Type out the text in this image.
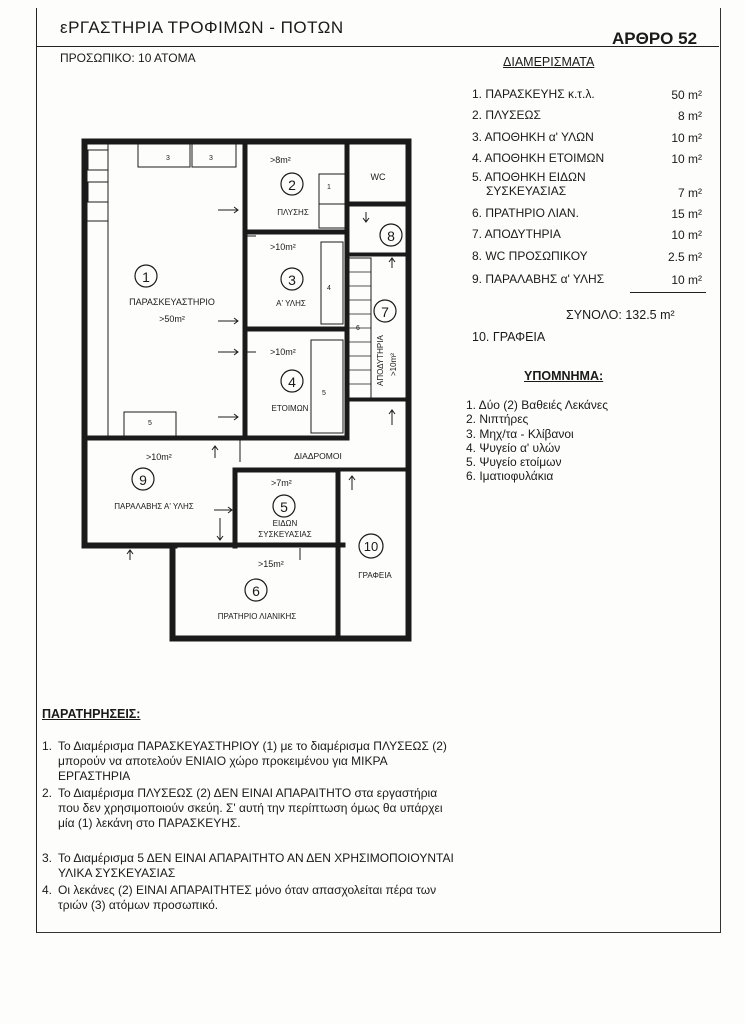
εΡΓΑΣΤΗΡΙΑ ΤΡΟΦΙΜΩΝ - ΠΟΤΩΝ
ΑΡΘΡΟ 52
ΠΡΟΣΩΠΙΚΟ: 10 ΑΤΟΜΑ	ΔΙΑΜΕΡΙΣΜΑΤΑ
1. ΠΑΡΑΣΚΕΥΗΣ κ.τ.λ.	50 m²
2. ΠΛΥΣΕΩΣ	8 m²
3. ΑΠΟΘΗΚΗ α' ΥΛΩΝ	10 m²
4. ΑΠΟΘΗΚΗ ΕΤΟΙΜΩΝ	10 m²
5. ΑΠΟΘΗΚΗ ΕΙΔΩΝ
ΣΥΣΚΕΥΑΣΙΑΣ	7 m²
6. ΠΡΑΤΗΡΙΟ ΛΙΑΝ.	15 m²
7. ΑΠΟΔΥΤΗΡΙΑ	10 m²
8. WC ΠΡΟΣΩΠΙΚΟΥ	2.5 m²
9. ΠΑΡΑΛΑΒΗΣ α' ΥΛΗΣ	10 m²
ΣΥΝΟΛΟ: 132.5 m²
10. ΓΡΑΦΕΙΑ
ΥΠΟΜΝΗΜΑ:
1. Δύο (2) Βαθειές Λεκάνες
2. Νιπτήρες
3. Μηχ/τα - Κλίβανοι
4. Ψυγείο α' υλών
5. Ψυγείο ετοίμων
6. Ιματιοφυλάκια
1
ΠΑΡΑΣΚΕΥΑΣΤΗΡΙΟ
>50m²
>8m²
2
ΠΛΥΣΗΣ
>10m²
3
Α' ΥΛΗΣ
>10m²
4
ΕΤΟΙΜΩΝ
>7m²
5
ΕΙΔΩΝ
ΣΥΣΚΕΥΑΣΙΑΣ
>15m²
6
ΠΡΑΤΗΡΙΟ ΛΙΑΝΙΚΗΣ
7
ΑΠΟΔΥΤΗΡΙΑ >10m²
WC
8
>10m²
9
ΠΑΡΑΛΑΒΗΣ Α' ΥΛΗΣ
10
ΓΡΑΦΕΙΑ
ΔΙΑΔΡΟΜΟΙ
3	3
5
4
5
6
1
ΠΑΡΑΤΗΡΗΣΕΙΣ:
1. Το Διαμέρισμα ΠΑΡΑΣΚΕΥΑΣΤΗΡΙΟΥ (1) με το διαμέρισμα ΠΛΥΣΕΩΣ (2) μπορούν να αποτελούν ΕΝΙΑΙΟ χώρο προκειμένου για ΜΙΚΡΑ ΕΡΓΑΣΤΗΡΙΑ
2. Το Διαμέρισμα ΠΛΥΣΕΩΣ (2) ΔΕΝ ΕΙΝΑΙ ΑΠΑΡΑΙΤΗΤΟ στα εργαστήρια που δεν χρησιμοποιούν σκεύη. Σ' αυτή την περίπτωση όμως θα υπάρχει μία (1) λεκάνη στο ΠΑΡΑΣΚΕΥΗΣ.
3. Το Διαμέρισμα 5 ΔΕΝ ΕΙΝΑΙ ΑΠΑΡΑΙΤΗΤΟ ΑΝ ΔΕΝ ΧΡΗΣΙΜΟΠΟΙΟΥΝΤΑΙ ΥΛΙΚΑ ΣΥΣΚΕΥΑΣΙΑΣ
4. Οι λεκάνες (2) ΕΙΝΑΙ ΑΠΑΡΑΙΤΗΤΕΣ μόνο όταν απασχολείται πέρα των τριών (3) ατόμων προσωπικό.
